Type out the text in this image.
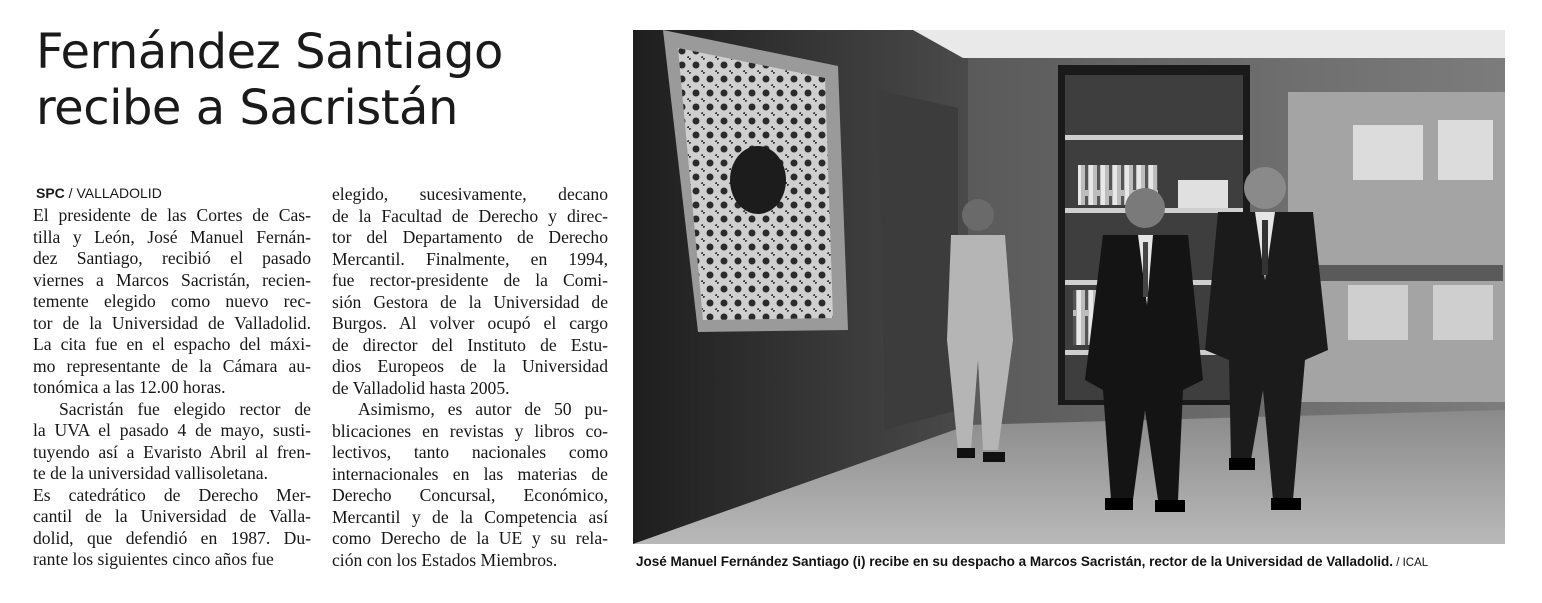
Fernández Santiago
recibe a Sacristán
SPC / VALLADOLID
El presidente de las Cortes de Cas-
tilla y León, José Manuel Fernán-
dez Santiago, recibió el pasado
viernes a Marcos Sacristán, recien-
temente elegido como nuevo rec-
tor de la Universidad de Valladolid.
La cita fue en el espacho del máxi-
mo representante de la Cámara au-
tonómica a las 12.00 horas.
Sacristán fue elegido rector de
la UVA el pasado 4 de mayo, susti-
tuyendo así a Evaristo Abril al fren-
te de la universidad vallisoletana.
Es catedrático de Derecho Mer-
cantil de la Universidad de Valla-
dolid, que defendió en 1987. Du-
rante los siguientes cinco años fue
elegido, sucesivamente, decano
de la Facultad de Derecho y direc-
tor del Departamento de Derecho
Mercantil. Finalmente, en 1994,
fue rector-presidente de la Comi-
sión Gestora de la Universidad de
Burgos. Al volver ocupó el cargo
de director del Instituto de Estu-
dios Europeos de la Universidad
de Valladolid hasta 2005.
Asimismo, es autor de 50 pu-
blicaciones en revistas y libros co-
lectivos, tanto nacionales como
internacionales en las materias de
Derecho Concursal, Económico,
Mercantil y de la Competencia así
como Derecho de la UE y su rela-
ción con los Estados Miembros.	José Manuel Fernández Santiago (i) recibe en su despacho a Marcos Sacristán, rector de la Universidad de Valladolid. / ICAL
